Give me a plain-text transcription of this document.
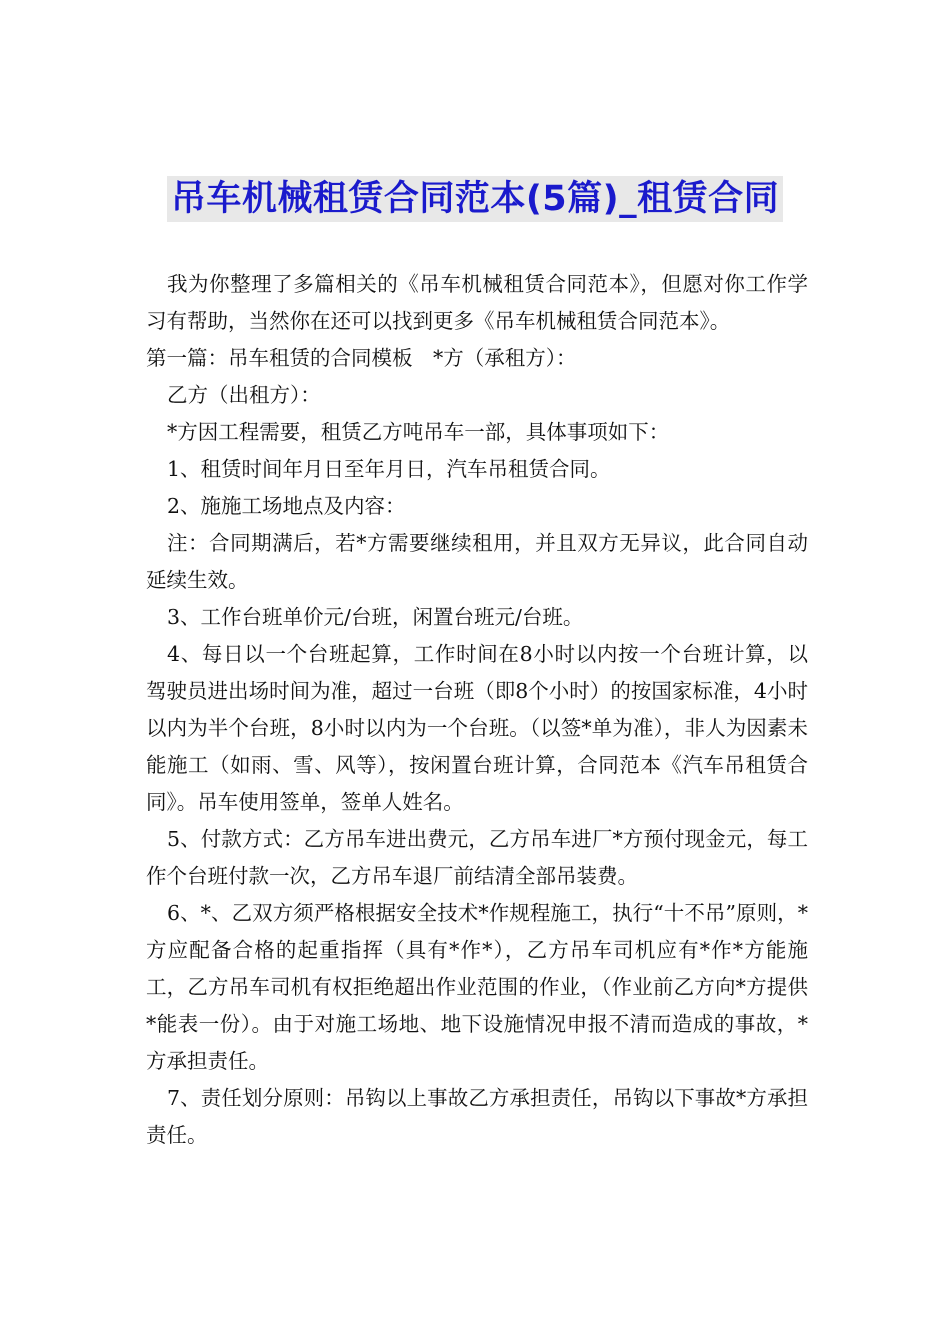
吊车机械租赁合同范本(5篇)_租赁合同

我为你整理了多篇相关的《吊车机械租赁合同范本》，但愿对你工作学习有帮助，当然你在还可以找到更多《吊车机械租赁合同范本》。

第一篇：吊车租赁的合同模板　*方（承租方）：

乙方（出租方）：

*方因工程需要，租赁乙方吨吊车一部，具体事项如下：

1、租赁时间年月日至年月日，汽车吊租赁合同。

2、施施工场地点及内容：

注：合同期满后，若*方需要继续租用，并且双方无异议，此合同自动延续生效。

3、工作台班单价元/台班，闲置台班元/台班。

4、每日以一个台班起算，工作时间在8小时以内按一个台班计算，以驾驶员进出场时间为准，超过一台班（即8个小时）的按国家标准，4小时以内为半个台班，8小时以内为一个台班。（以签*单为准），非人为因素未能施工（如雨、雪、风等），按闲置台班计算，合同范本《汽车吊租赁合同》。吊车使用签单，签单人姓名。

5、付款方式：乙方吊车进出费元，乙方吊车进厂*方预付现金元，每工作个台班付款一次，乙方吊车退厂前结清全部吊装费。

6、*、乙双方须严格根据安全技术*作规程施工，执行“十不吊”原则，*方应配备合格的起重指挥（具有*作*），乙方吊车司机应有*作*方能施工，乙方吊车司机有权拒绝超出作业范围的作业，（作业前乙方向*方提供*能表一份）。由于对施工场地、地下设施情况申报不清而造成的事故，*方承担责任。

7、责任划分原则：吊钩以上事故乙方承担责任，吊钩以下事故*方承担责任。
